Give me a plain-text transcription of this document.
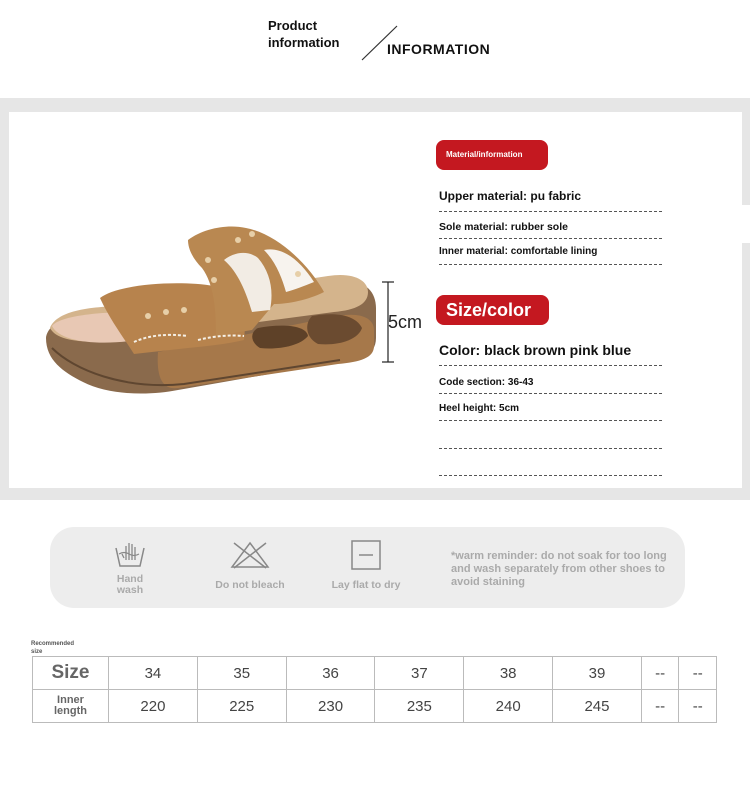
Product
information	INFORMATION
5cm
Material/information
Upper material: pu fabric
Sole material: rubber sole
Inner material: comfortable lining
Size/color
Color: black brown pink blue
Code section: 36-43
Heel height: 5cm
Hand
wash	Do not bleach	Lay flat to dry
*warm reminder: do not soak for too long and wash separately from other shoes to avoid staining
Recommended
size
Size	34	35	36	37	38	39	--	--
Inner
length	220	225	230	235	240	245	--	--
